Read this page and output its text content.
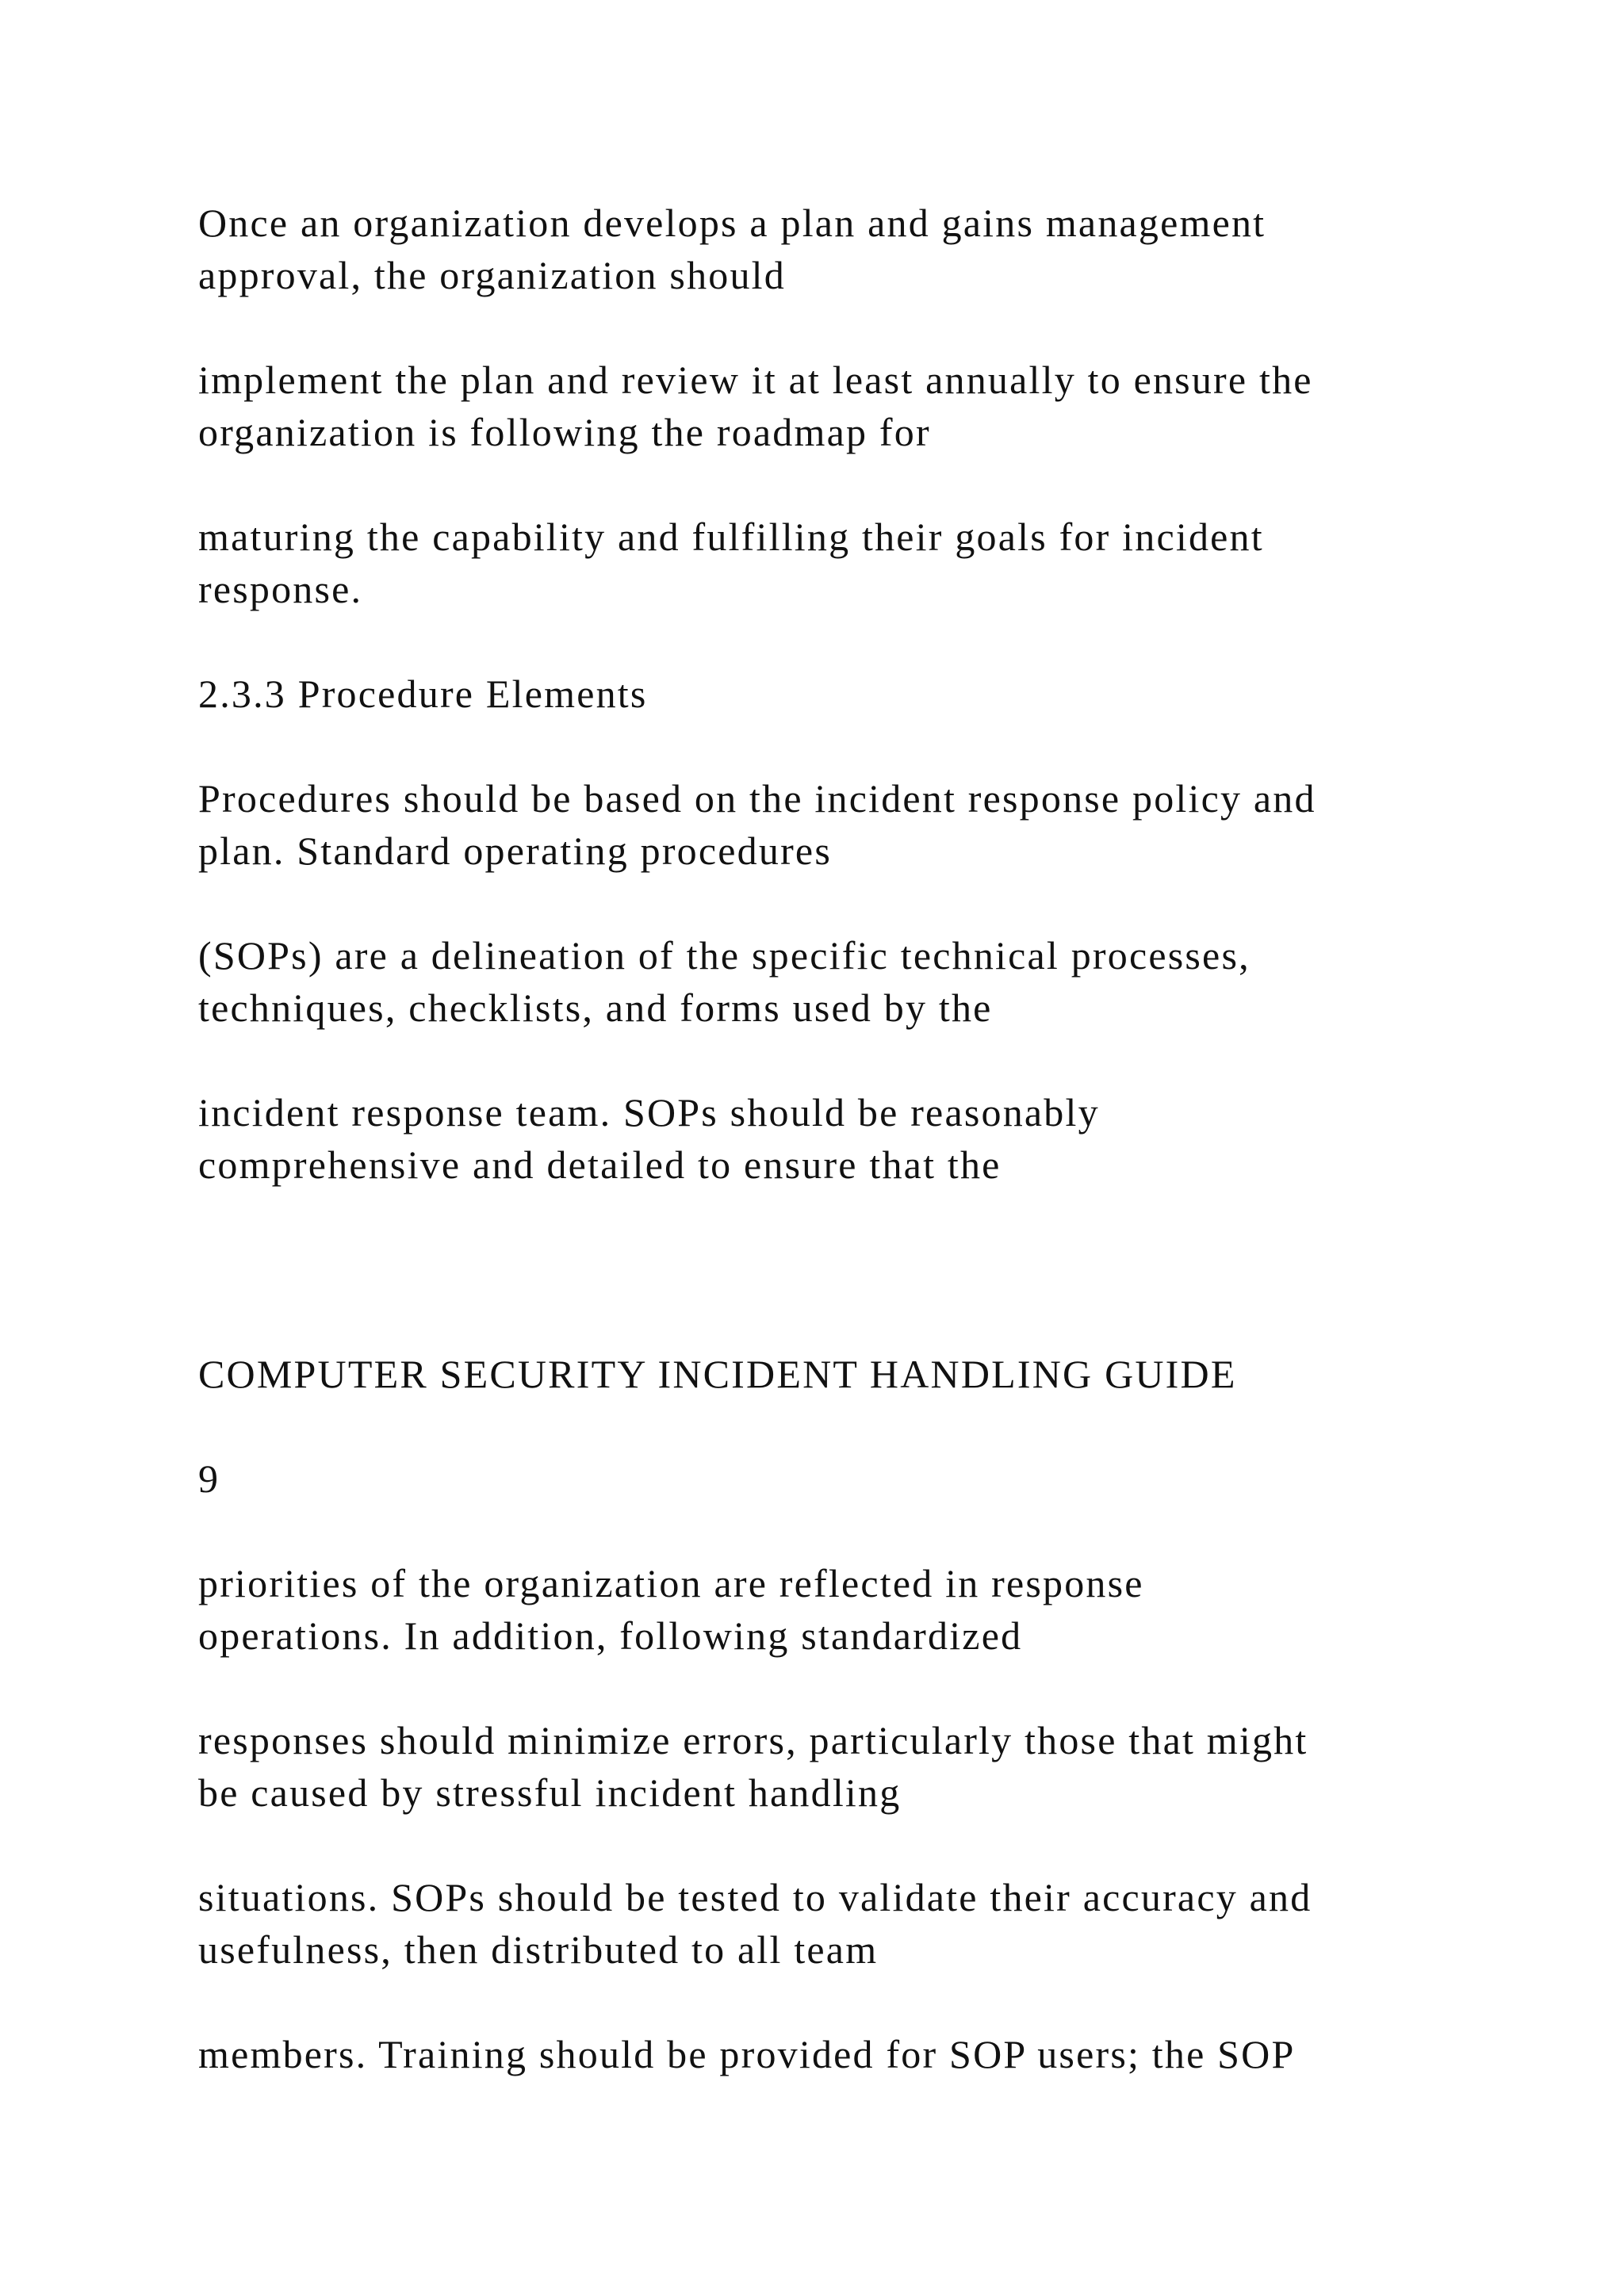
Once an organization develops a plan and gains management
approval, the organization should
implement the plan and review it at least annually to ensure the
organization is following the roadmap for
maturing the capability and fulfilling their goals for incident
response.
2.3.3 Procedure Elements
Procedures should be based on the incident response policy and
plan. Standard operating procedures
(SOPs) are a delineation of the specific technical processes,
techniques, checklists, and forms used by the
incident response team. SOPs should be reasonably
comprehensive and detailed to ensure that the
COMPUTER SECURITY INCIDENT HANDLING GUIDE
9
priorities of the organization are reflected in response
operations. In addition, following standardized
responses should minimize errors, particularly those that might
be caused by stressful incident handling
situations. SOPs should be tested to validate their accuracy and
usefulness, then distributed to all team
members. Training should be provided for SOP users; the SOP
